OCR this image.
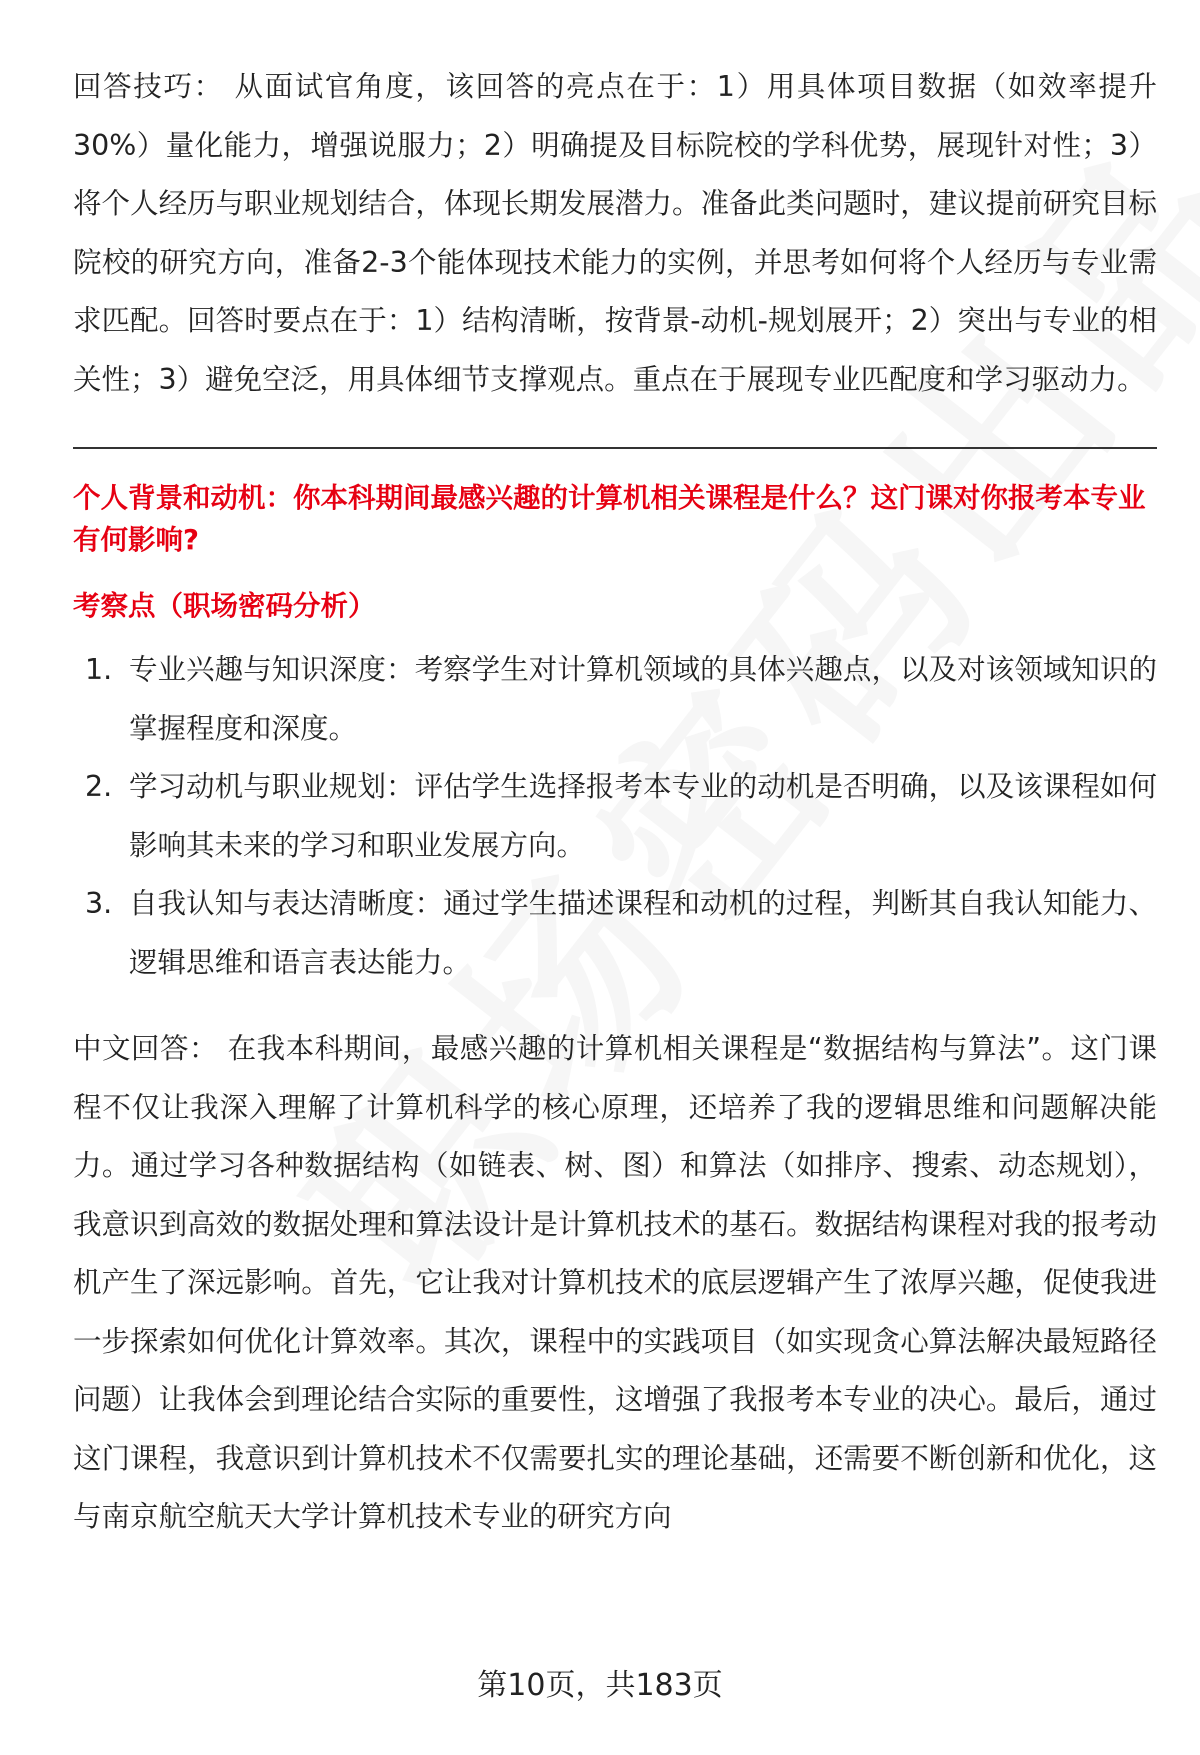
回答技巧： 从面试官角度，该回答的亮点在于：1）用具体项目数据（如效率提升30%）量化能力，增强说服力；2）明确提及目标院校的学科优势，展现针对性；3）将个人经历与职业规划结合，体现长期发展潜力。准备此类问题时，建议提前研究目标院校的研究方向，准备2-3个能体现技术能力的实例，并思考如何将个人经历与专业需求匹配。回答时要点在于：1）结构清晰，按背景-动机-规划展开；2）突出与专业的相关性；3）避免空泛，用具体细节支撑观点。重点在于展现专业匹配度和学习驱动力。

个人背景和动机：你本科期间最感兴趣的计算机相关课程是什么？这门课对你报考本专业有何影响?

考察点（职场密码分析）

1. 专业兴趣与知识深度：考察学生对计算机领域的具体兴趣点，以及对该领域知识的掌握程度和深度。
2. 学习动机与职业规划：评估学生选择报考本专业的动机是否明确，以及该课程如何影响其未来的学习和职业发展方向。
3. 自我认知与表达清晰度：通过学生描述课程和动机的过程，判断其自我认知能力、逻辑思维和语言表达能力。

中文回答： 在我本科期间，最感兴趣的计算机相关课程是“数据结构与算法”。这门课程不仅让我深入理解了计算机科学的核心原理，还培养了我的逻辑思维和问题解决能力。通过学习各种数据结构（如链表、树、图）和算法（如排序、搜索、动态规划），我意识到高效的数据处理和算法设计是计算机技术的基石。数据结构课程对我的报考动机产生了深远影响。首先，它让我对计算机技术的底层逻辑产生了浓厚兴趣，促使我进一步探索如何优化计算效率。其次，课程中的实践项目（如实现贪心算法解决最短路径问题）让我体会到理论结合实际的重要性，这增强了我报考本专业的决心。最后，通过这门课程，我意识到计算机技术不仅需要扎实的理论基础，还需要不断创新和优化，这与南京航空航天大学计算机技术专业的研究方向

第10页，共183页
